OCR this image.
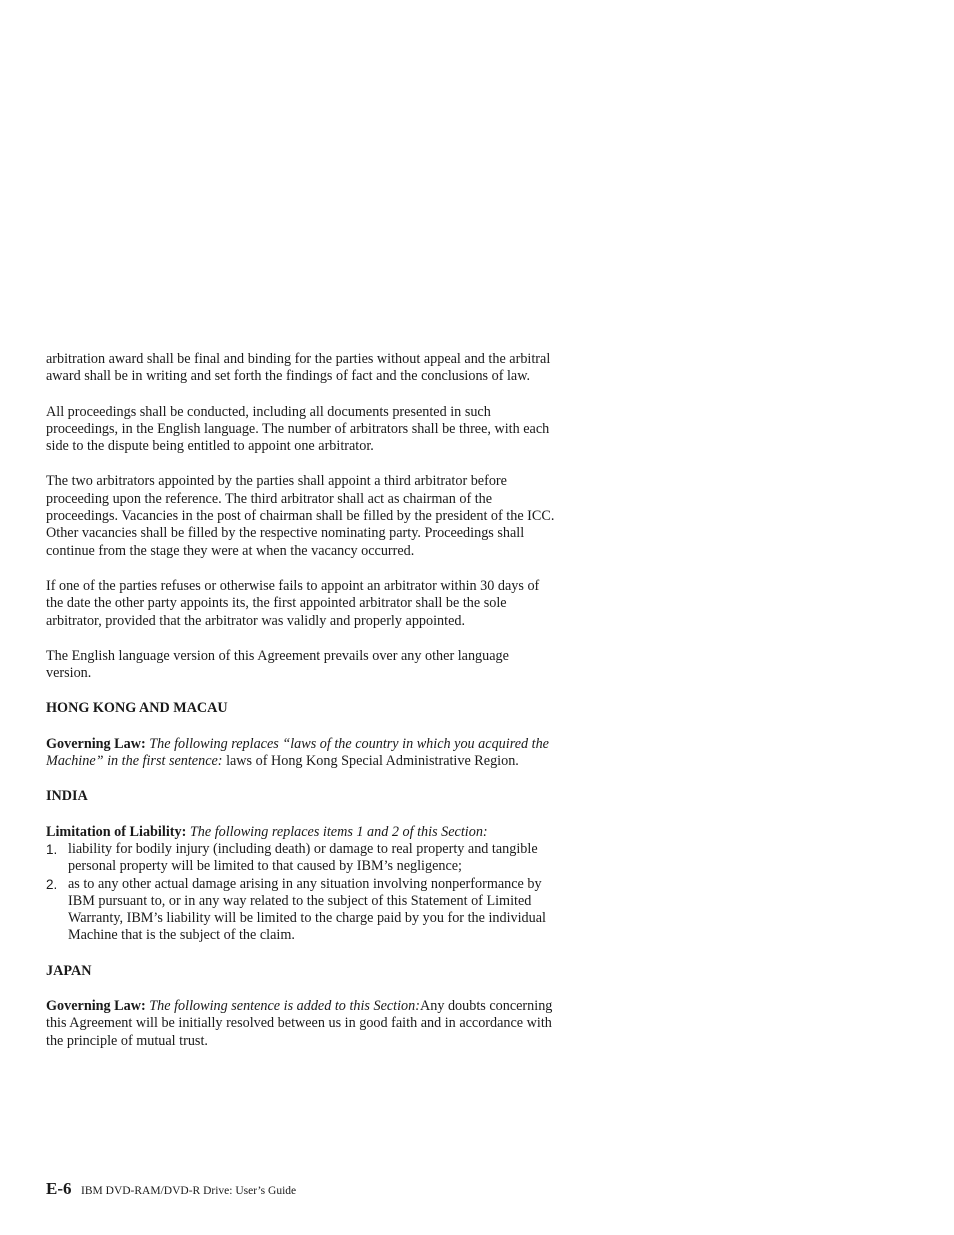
arbitration award shall be final and binding for the parties without appeal and the arbitral award shall be in writing and set forth the findings of fact and the conclusions of law.

All proceedings shall be conducted, including all documents presented in such proceedings, in the English language. The number of arbitrators shall be three, with each side to the dispute being entitled to appoint one arbitrator.

The two arbitrators appointed by the parties shall appoint a third arbitrator before proceeding upon the reference. The third arbitrator shall act as chairman of the proceedings. Vacancies in the post of chairman shall be filled by the president of the ICC. Other vacancies shall be filled by the respective nominating party. Proceedings shall continue from the stage they were at when the vacancy occurred.

If one of the parties refuses or otherwise fails to appoint an arbitrator within 30 days of the date the other party appoints its, the first appointed arbitrator shall be the sole arbitrator, provided that the arbitrator was validly and properly appointed.

The English language version of this Agreement prevails over any other language version.

HONG KONG AND MACAU

Governing Law: The following replaces “laws of the country in which you acquired the Machine” in the first sentence: laws of Hong Kong Special Administrative Region.

INDIA

Limitation of Liability: The following replaces items 1 and 2 of this Section:

1. liability for bodily injury (including death) or damage to real property and tangible personal property will be limited to that caused by IBM’s negligence;
2. as to any other actual damage arising in any situation involving nonperformance by IBM pursuant to, or in any way related to the subject of this Statement of Limited Warranty, IBM’s liability will be limited to the charge paid by you for the individual Machine that is the subject of the claim.
JAPAN

Governing Law: The following sentence is added to this Section:Any doubts concerning this Agreement will be initially resolved between us in good faith and in accordance with the principle of mutual trust.

E-6 IBM DVD-RAM/DVD-R Drive: User’s Guide
